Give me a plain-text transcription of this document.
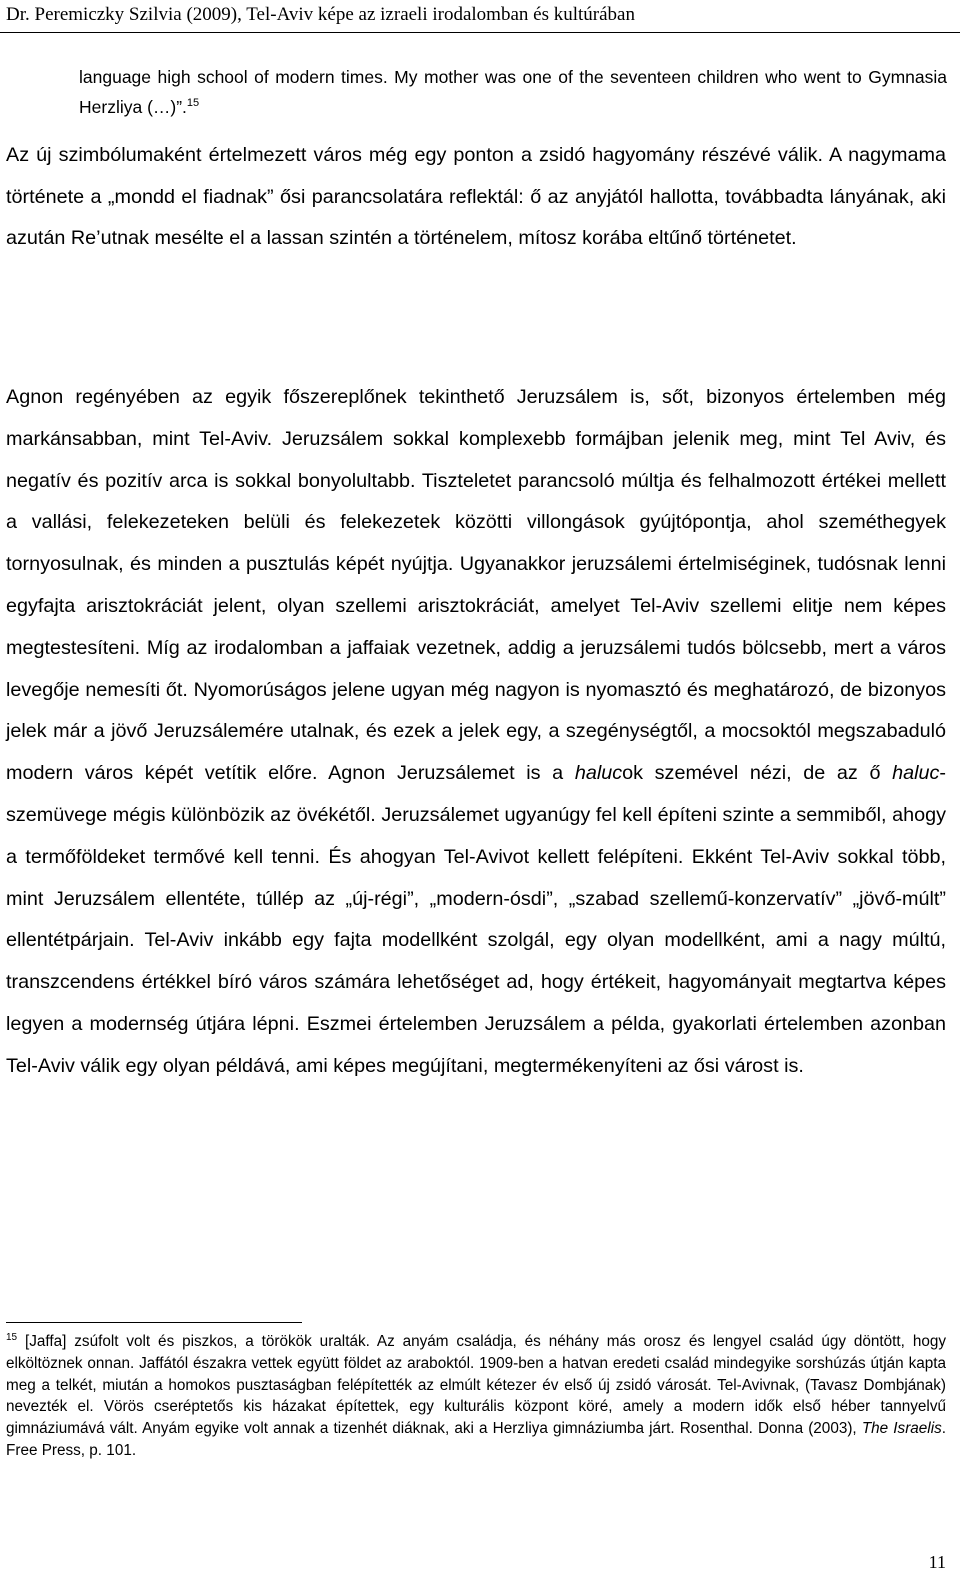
Dr. Peremiczky Szilvia (2009), Tel-Aviv képe az izraeli irodalomban és kultúrában
language high school of modern times. My mother was one of the seventeen children who went to Gymnasia Herzliya (…)”.$^{15}$
Az új szimbólumaként értelmezett város még egy ponton a zsidó hagyomány részévé válik. A nagymama története a „mondd el fiadnak” ősi parancsolatára reflektál: ő az anyjától hallotta, továbbadta lányának, aki azután Re’utnak mesélte el a lassan szintén a történelem, mítosz korába eltűnő történetet.
Agnon regényében az egyik főszereplőnek tekinthető Jeruzsálem is, sőt, bizonyos értelemben még markánsabban, mint Tel-Aviv. Jeruzsálem sokkal komplexebb formájban jelenik meg, mint Tel Aviv, és negatív és pozitív arca is sokkal bonyolultabb. Tiszteletet parancsoló múltja és felhalmozott értékei mellett a vallási, felekezeteken belüli és felekezetek közötti villongások gyújtópontja, ahol szeméthegyek tornyosulnak, és minden a pusztulás képét nyújtja. Ugyanakkor jeruzsálemi értelmiséginek, tudósnak lenni egyfajta arisztokráciát jelent, olyan szellemi arisztokráciát, amelyet Tel-Aviv szellemi elitje nem képes megtestesíteni. Míg az irodalomban a jaffaiak vezetnek, addig a jeruzsálemi tudós bölcsebb, mert a város levegője nemesíti őt. Nyomorúságos jelene ugyan még nagyon is nyomasztó és meghatározó, de bizonyos jelek már a jövő Jeruzsálemére utalnak, és ezek a jelek egy, a szegénységtől, a mocsoktól megszabaduló modern város képét vetítik előre. Agnon Jeruzsálemet is a halucok szemével nézi, de az ő haluc-szemüvege mégis különbözik az övékétől. Jeruzsálemet ugyanúgy fel kell építeni szinte a semmiből, ahogy a termőföldeket termővé kell tenni. És ahogyan Tel-Avivot kellett felépíteni. Ekként Tel-Aviv sokkal több, mint Jeruzsálem ellentéte, túllép az „új-régi”, „modern-ósdi”, „szabad szellemű-konzervatív” „jövő-múlt” ellentétpárjain. Tel-Aviv inkább egy fajta modellként szolgál, egy olyan modellként, ami a nagy múltú, transzcendens értékkel bíró város számára lehetőséget ad, hogy értékeit, hagyományait megtartva képes legyen a modernség útjára lépni. Eszmei értelemben Jeruzsálem a példa, gyakorlati értelemben azonban Tel-Aviv válik egy olyan példává, ami képes megújítani, megtermékenyíteni az ősi várost is.
$^{15}$ [Jaffa] zsúfolt volt és piszkos, a törökök uralták. Az anyám családja, és néhány más orosz és lengyel család úgy döntött, hogy elköltöznek onnan. Jaffától északra vettek együtt földet az araboktól. 1909-ben a hatvan eredeti család mindegyike sorshúzás útján kapta meg a telkét, miután a homokos pusztaságban felépítették az elmúlt kétezer év első új zsidó városát. Tel-Avivnak, (Tavasz Dombjának) nevezték el. Vörös cseréptetős kis házakat építettek, egy kulturális központ köré, amely a modern idők első héber tannyelvű gimnáziumává vált. Anyám egyike volt annak a tizenhét diáknak, aki a Herzliya gimnáziumba járt. Rosenthal. Donna (2003), The Israelis. Free Press, p. 101.
11
